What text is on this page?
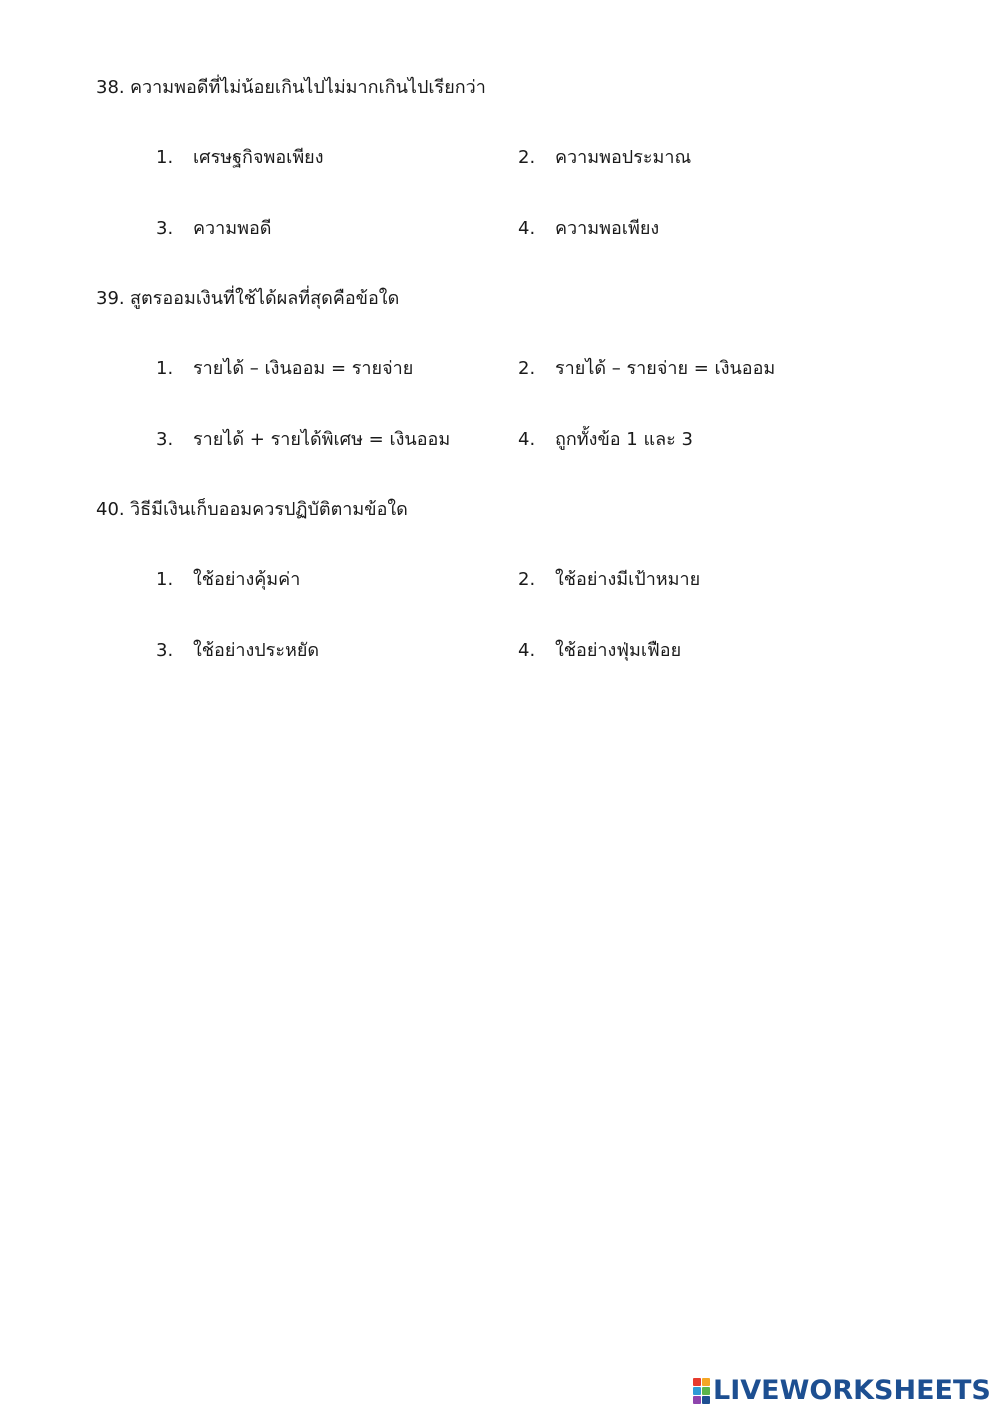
38. ความพอดีที่ไม่น้อยเกินไปไม่มากเกินไปเรียกว่า
1. เศรษฐกิจพอเพียง	2. ความพอประมาณ
3. ความพอดี	4. ความพอเพียง
39. สูตรออมเงินที่ใช้ได้ผลที่สุดคือข้อใด
1. รายได้ – เงินออม = รายจ่าย	2. รายได้ – รายจ่าย = เงินออม
3. รายได้ + รายได้พิเศษ = เงินออม	4. ถูกทั้งข้อ 1 และ 3
40. วิธีมีเงินเก็บออมควรปฏิบัติตามข้อใด
1. ใช้อย่างคุ้มค่า	2. ใช้อย่างมีเป้าหมาย
3. ใช้อย่างประหยัด	4. ใช้อย่างฟุ่มเฟือย
LIVEWORKSHEETS
